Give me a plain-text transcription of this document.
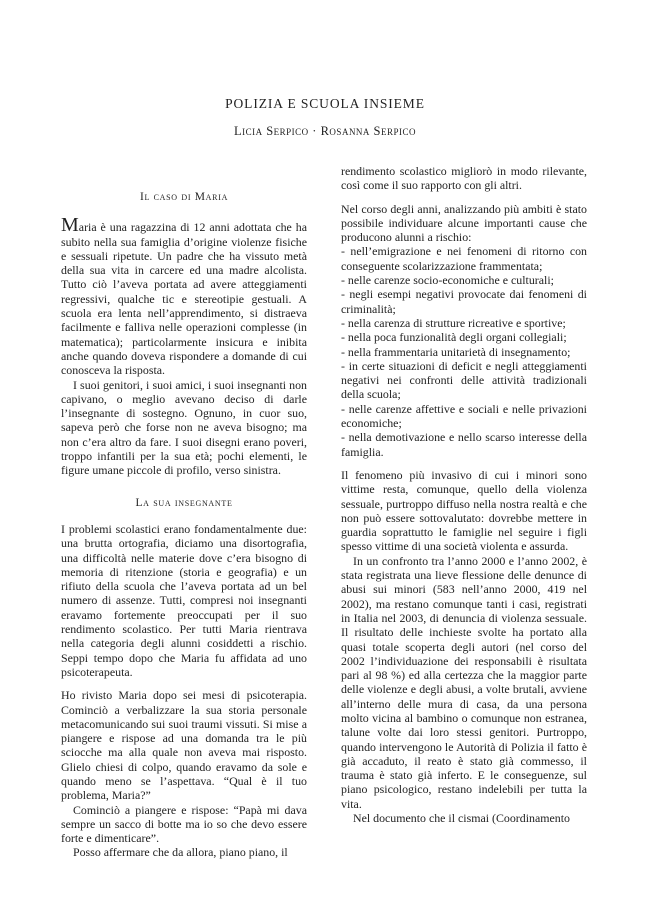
POLIZIA E SCUOLA INSIEME
Licia Serpico · Rosanna Serpico
Il caso di Maria

Maria è una ragazzina di 12 anni adottata che ha subito nella sua famiglia d’origine violenze fisiche e sessuali ripetute. Un padre che ha vissuto metà della sua vita in carcere ed una madre alcolista. Tutto ciò l’aveva portata ad avere atteggiamenti regressivi, qualche tic e stereotipie gestuali. A scuola era lenta nell’apprendimento, si distraeva facilmente e falliva nelle operazioni complesse (in matematica); particolarmente insicura e inibita anche quando doveva rispondere a domande di cui conosceva la risposta.

I suoi genitori, i suoi amici, i suoi insegnanti non capivano, o meglio avevano deciso di darle l’insegnante di sostegno. Ognuno, in cuor suo, sapeva però che forse non ne aveva bisogno; ma non c’era altro da fare. I suoi disegni erano poveri, troppo infantili per la sua età; pochi elementi, le figure umane piccole di profilo, verso sinistra.

La sua insegnante

I problemi scolastici erano fondamentalmente due: una brutta ortografia, diciamo una disortografia, una difficoltà nelle materie dove c’era bisogno di memoria di ritenzione (storia e geografia) e un rifiuto della scuola che l’aveva portata ad un bel numero di assenze. Tutti, compresi noi insegnanti eravamo fortemente preoccupati per il suo rendimento scolastico. Per tutti Maria rientrava nella categoria degli alunni cosiddetti a rischio. Seppi tempo dopo che Maria fu affidata ad uno psicoterapeuta.

Ho rivisto Maria dopo sei mesi di psicoterapia. Cominciò a verbalizzare la sua storia personale metacomunicando sui suoi traumi vissuti. Si mise a piangere e rispose ad una domanda tra le più sciocche ma alla quale non aveva mai risposto. Glielo chiesi di colpo, quando eravamo da sole e quando meno se l’aspettava. “Qual è il tuo problema, Maria?”

Cominciò a piangere e rispose: “Papà mi dava sempre un sacco di botte ma io so che devo essere forte e dimenticare”.

Posso affermare che da allora, piano piano, il

rendimento scolastico migliorò in modo rilevante, così come il suo rapporto con gli altri.

Nel corso degli anni, analizzando più ambiti è stato possibile individuare alcune importanti cause che producono alunni a rischio:

- nell’emigrazione e nei fenomeni di ritorno con conseguente scolarizzazione frammentata;

- nelle carenze socio-economiche e culturali;

- negli esempi negativi provocate dai fenomeni di criminalità;

- nella carenza di strutture ricreative e sportive;

- nella poca funzionalità degli organi collegiali;

- nella frammentaria unitarietà di insegnamento;

- in certe situazioni di deficit e negli atteggiamenti negativi nei confronti delle attività tradizionali della scuola;

- nelle carenze affettive e sociali e nelle privazioni economiche;

- nella demotivazione e nello scarso interesse della famiglia.

Il fenomeno più invasivo di cui i minori sono vittime resta, comunque, quello della violenza sessuale, purtroppo diffuso nella nostra realtà e che non può essere sottovalutato: dovrebbe mettere in guardia soprattutto le famiglie nel seguire i figli spesso vittime di una società violenta e assurda.

In un confronto tra l’anno 2000 e l’anno 2002, è stata registrata una lieve flessione delle denunce di abusi sui minori (583 nell’anno 2000, 419 nel 2002), ma restano comunque tanti i casi, registrati in Italia nel 2003, di denuncia di violenza sessuale. Il risultato delle inchieste svolte ha portato alla quasi totale scoperta degli autori (nel corso del 2002 l’individuazione dei responsabili è risultata pari al 98 %) ed alla certezza che la maggior parte delle violenze e degli abusi, a volte brutali, avviene all’interno delle mura di casa, da una persona molto vicina al bambino o comunque non estranea, talune volte dai loro stessi genitori. Purtroppo, quando intervengono le Autorità di Polizia il fatto è già accaduto, il reato è stato già commesso, il trauma è stato già inferto. E le conseguenze, sul piano psicologico, restano indelebili per tutta la vita.

Nel documento che il cismai (Coordinamento
